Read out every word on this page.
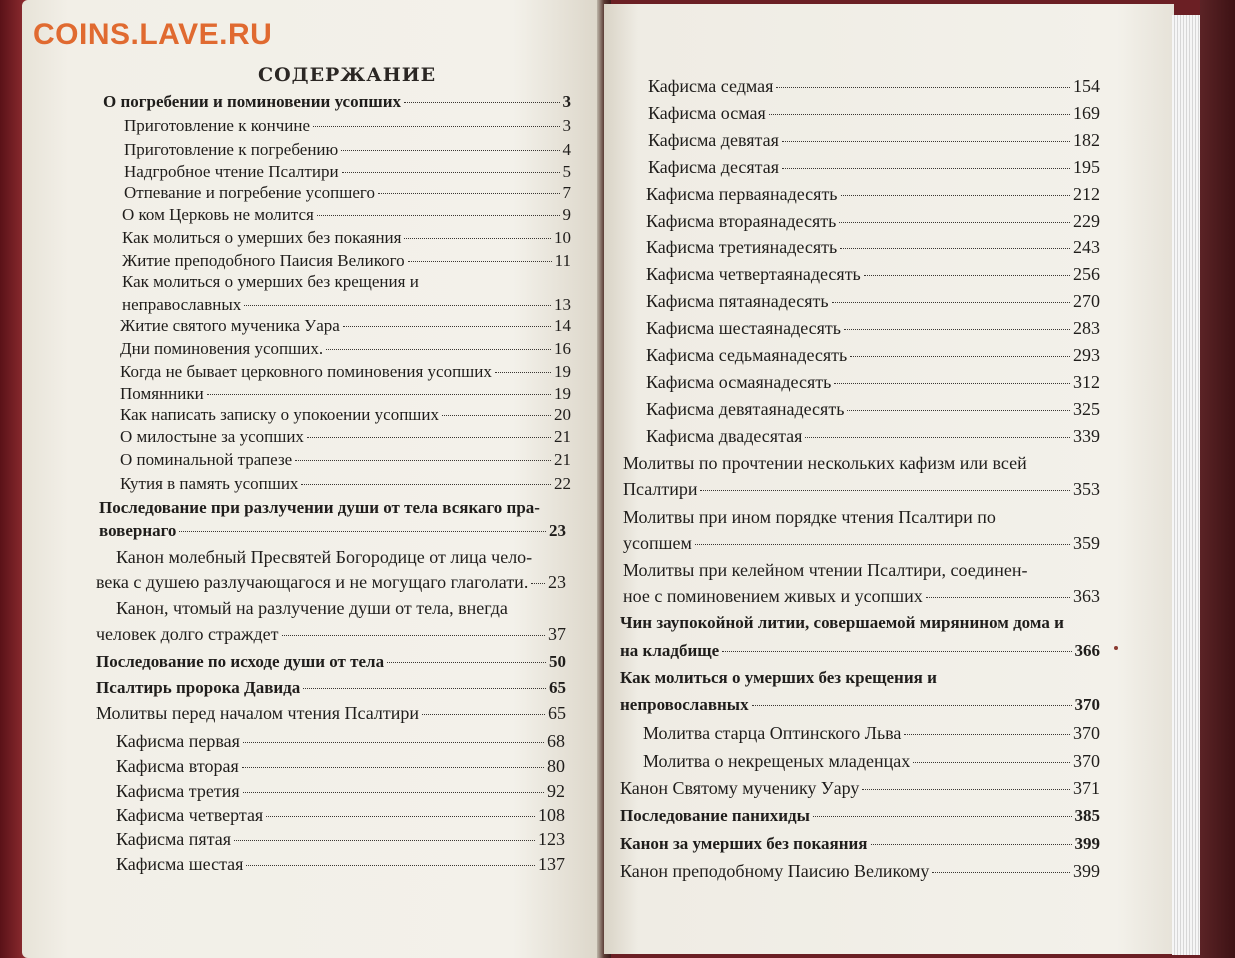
COINS.LAVE.RU
СОДЕРЖАНИЕ
О погребении и поминовении усопших	3
Приготовление к кончине	3
Приготовление к погребению	4
Надгробное чтение Псалтири	5
Отпевание и погребение усопшего	7
О ком Церковь не молится	9
Как молиться о умерших без покаяния	10
Житие преподобного Паисия Великого	11
Как молиться о умерших без крещения и
неправославных	13
Житие святого мученика Уара	14
Дни поминовения усопших.	16
Когда не бывает церковного поминовения усопших	19
Помянники	19
Как написать записку о упокоении усопших	20
О милостыне за усопших	21
О поминальной трапезе	21
Кутия в память усопших	22
Последование при разлучении души от тела всякаго пра-
вовернаго	23
Канон молебный Пресвятей Богородице от лица чело-
века с душею разлучающагося и не могущаго глаголати. 23
Канон, чтомый на разлучение души от тела, внегда
человек долго страждет	37
Последование по исходе души от тела	50
Псалтирь пророка Давида	65
Молитвы перед началом чтения Псалтири	65
Кафисма первая	68
Кафисма вторая	80
Кафисма третия	92
Кафисма четвертая	108
Кафисма пятая	123
Кафисма шестая	137
Кафисма седмая	154
Кафисма осмая	169
Кафисма девятая	182
Кафисма десятая	195
Кафисма перваянадесять	212
Кафисма втораянадесять	229
Кафисма третиянадесять	243
Кафисма четвертаянадесять	256
Кафисма пятаянадесять	270
Кафисма шестаянадесять	283
Кафисма седьмаянадесять	293
Кафисма осмаянадесять	312
Кафисма девятаянадесять	325
Кафисма двадесятая	339
Молитвы по прочтении нескольких кафизм или всей
Псалтири	353
Молитвы при ином порядке чтения Псалтири по
усопшем	359
Молитвы при келейном чтении Псалтири, соединен-
ное с поминовением живых и усопших	363
Чин заупокойной литии, совершаемой мирянином дома и
на кладбище	366
Как молиться о умерших без крещения и
непровославных	370
Молитва старца Оптинского Льва	370
Молитва о некрещеных младенцах	370
Канон Святому мученику Уару	371
Последование панихиды	385
Канон за умерших без покаяния	399
Канон преподобному Паисию Великому	399
